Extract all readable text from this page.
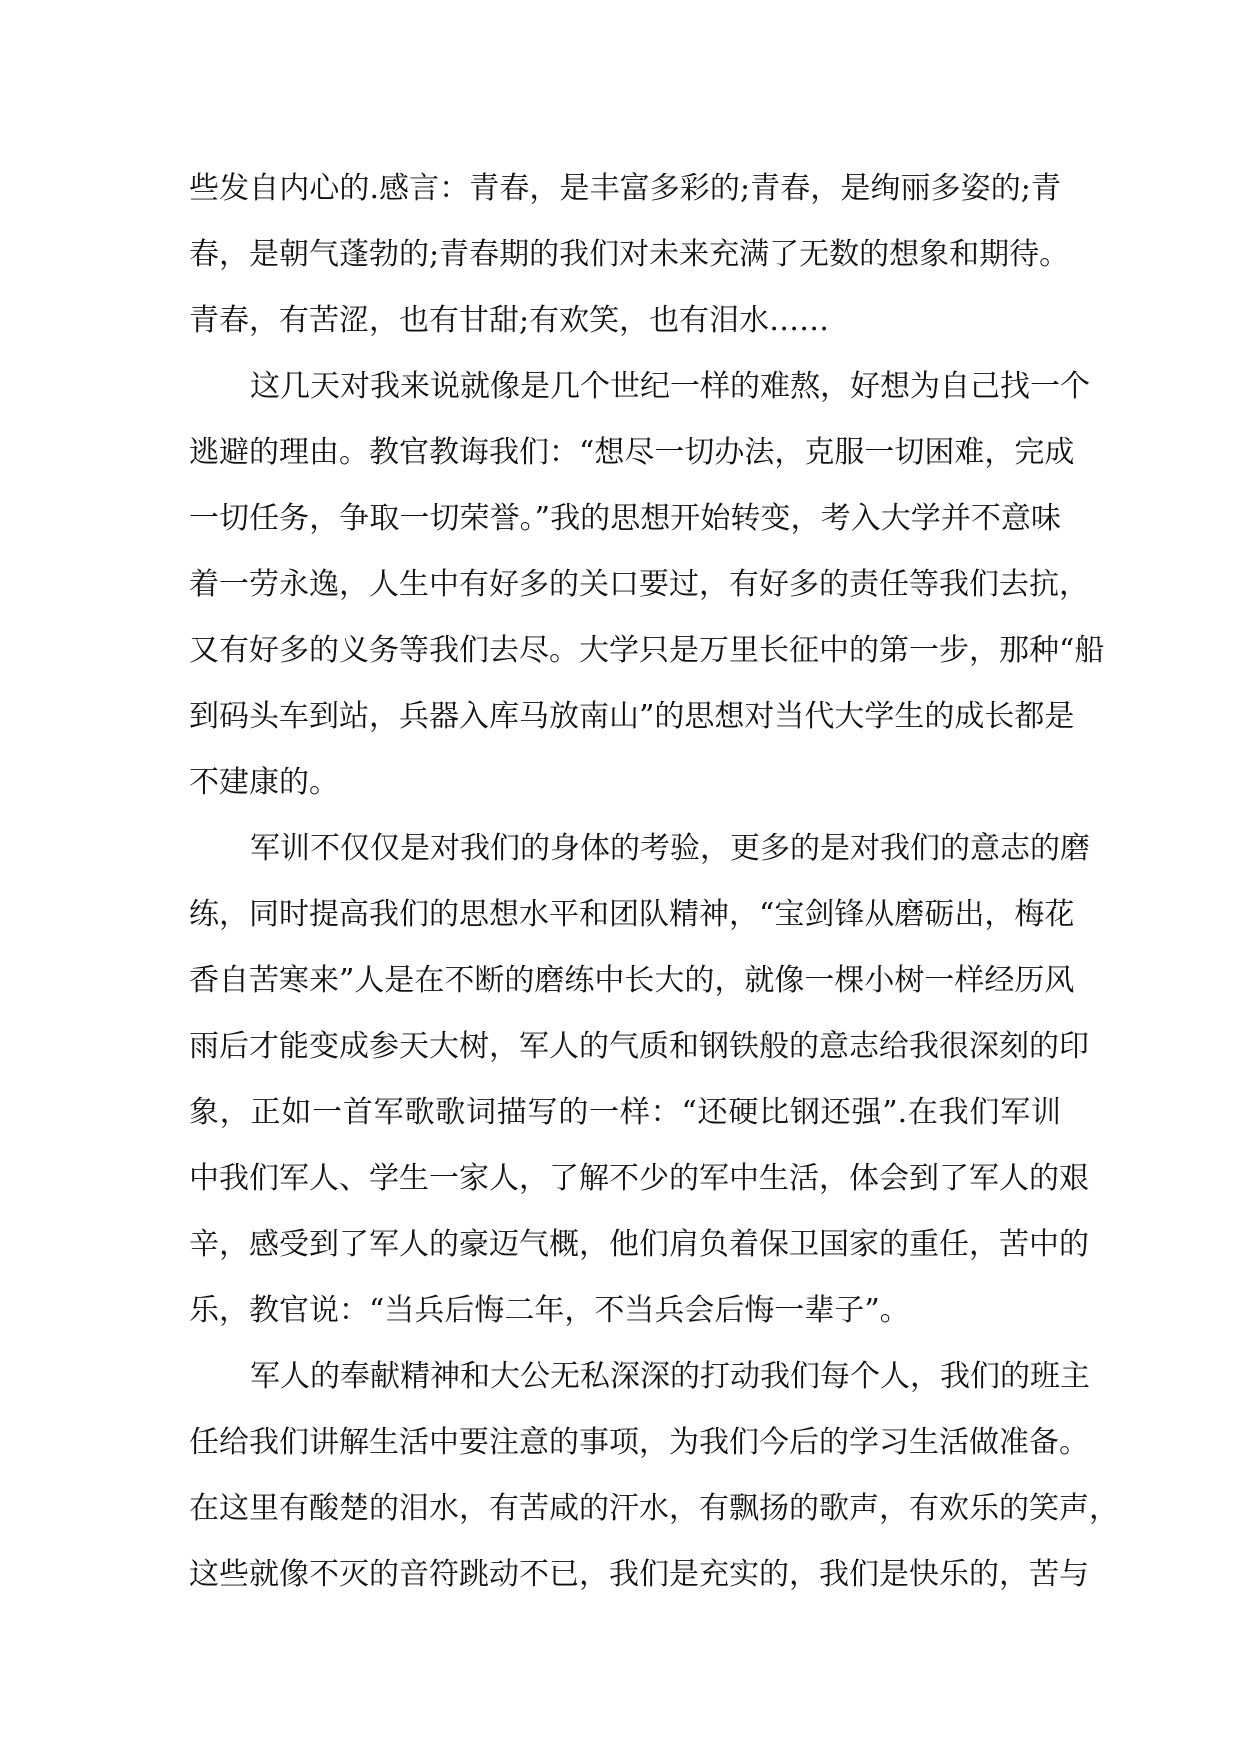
些发自内心的.感言：青春，是丰富多彩的;青春，是绚丽多姿的;青
春，是朝气蓬勃的;青春期的我们对未来充满了无数的想象和期待。
青春，有苦涩，也有甘甜;有欢笑，也有泪水……
这几天对我来说就像是几个世纪一样的难熬，好想为自己找一个
逃避的理由。教官教诲我们：“想尽一切办法，克服一切困难，完成
一切任务，争取一切荣誉。”我的思想开始转变，考入大学并不意味
着一劳永逸，人生中有好多的关口要过，有好多的责任等我们去抗，
又有好多的义务等我们去尽。大学只是万里长征中的第一步，那种“船
到码头车到站，兵器入库马放南山”的思想对当代大学生的成长都是
不建康的。
军训不仅仅是对我们的身体的考验，更多的是对我们的意志的磨
练，同时提高我们的思想水平和团队精神，“宝剑锋从磨砺出，梅花
香自苦寒来”人是在不断的磨练中长大的，就像一棵小树一样经历风
雨后才能变成参天大树，军人的气质和钢铁般的意志给我很深刻的印
象，正如一首军歌歌词描写的一样：“还硬比钢还强”.在我们军训
中我们军人、学生一家人，了解不少的军中生活，体会到了军人的艰
辛，感受到了军人的豪迈气概，他们肩负着保卫国家的重任，苦中的
乐，教官说：“当兵后悔二年，不当兵会后悔一辈子”。
军人的奉献精神和大公无私深深的打动我们每个人，我们的班主
任给我们讲解生活中要注意的事项，为我们今后的学习生活做准备。
在这里有酸楚的泪水，有苦咸的汗水，有飘扬的歌声，有欢乐的笑声，
这些就像不灭的音符跳动不已，我们是充实的，我们是快乐的，苦与
